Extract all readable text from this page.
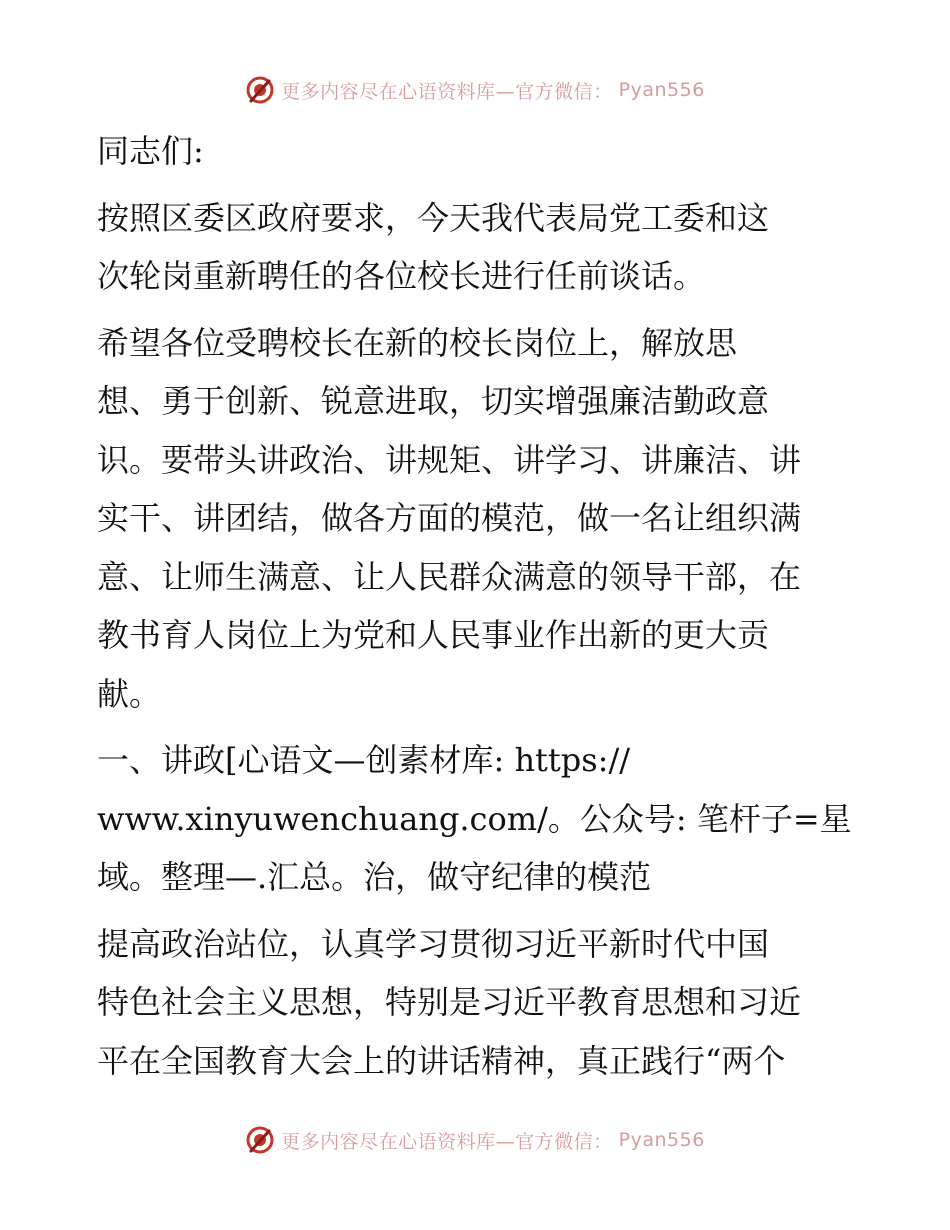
更多内容尽在心语资料库—官方微信： Pyan556

同志们:

按照区委区政府要求，今天我代表局党工委和这

次轮岗重新聘任的各位校长进行任前谈话。

希望各位受聘校长在新的校长岗位上，解放思

想、勇于创新、锐意进取，切实增强廉洁勤政意

识。要带头讲政治、讲规矩、讲学习、讲廉洁、讲

实干、讲团结，做各方面的模范，做一名让组织满

意、让师生满意、让人民群众满意的领导干部，在

教书育人岗位上为党和人民事业作出新的更大贡

献。

一、讲政[心语文—创素材库: https://

www.xinyuwenchuang.com/。公众号: 笔杆子=星

域。整理—.汇总。治，做守纪律的模范

提高政治站位，认真学习贯彻习近平新时代中国

特色社会主义思想，特别是习近平教育思想和习近

平在全国教育大会上的讲话精神，真正践行“两个

更多内容尽在心语资料库—官方微信： Pyan556
